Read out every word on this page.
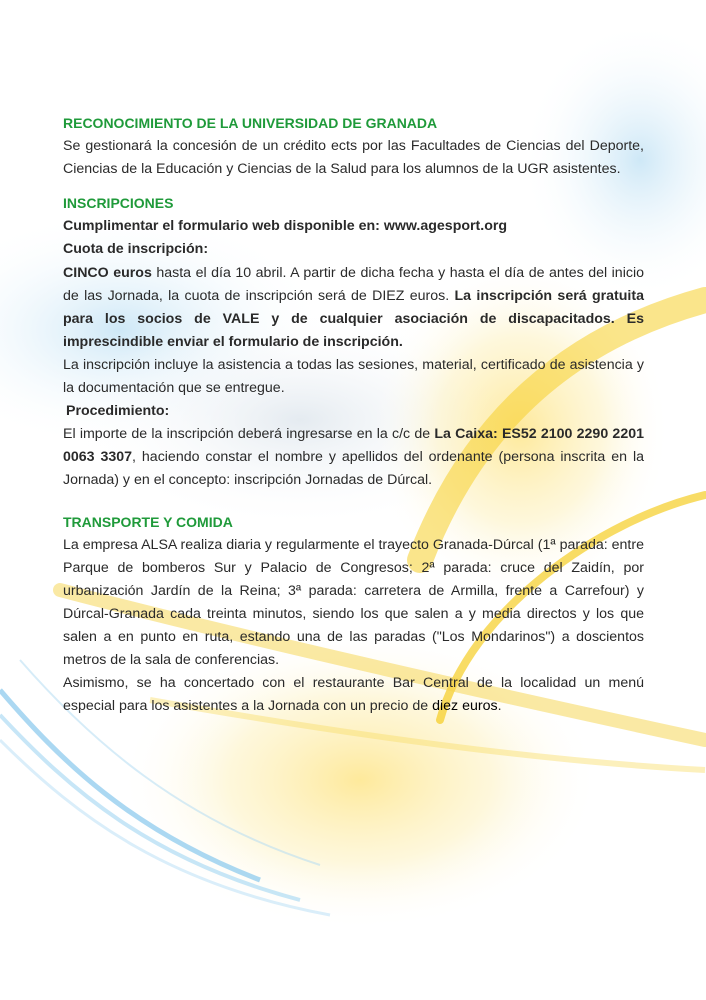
RECONOCIMIENTO DE LA UNIVERSIDAD DE GRANADA
Se gestionará la concesión de un crédito ects por las Facultades de Ciencias del Deporte, Ciencias de la Educación y Ciencias de la Salud para los alumnos de la UGR asistentes.
INSCRIPCIONES
Cumplimentar el formulario web disponible en: www.agesport.org
Cuota de inscripción:
CINCO euros hasta el día 10 abril. A partir de dicha fecha y hasta el día de antes del inicio de las Jornada, la cuota de inscripción será de DIEZ euros. La inscripción será gratuita para los socios de VALE y de cualquier asociación de discapacitados. Es imprescindible enviar el formulario de inscripción.
La inscripción incluye la asistencia a todas las sesiones, material, certificado de asistencia y la documentación que se entregue.
Procedimiento:
El importe de la inscripción deberá ingresarse en la c/c de La Caixa: ES52 2100 2290 2201 0063 3307, haciendo constar el nombre y apellidos del ordenante (persona inscrita en la Jornada) y en el concepto: inscripción Jornadas de Dúrcal.
TRANSPORTE Y COMIDA
La empresa ALSA realiza diaria y regularmente el trayecto Granada-Dúrcal (1ª parada: entre Parque de bomberos Sur y Palacio de Congresos; 2ª parada: cruce del Zaidín, por urbanización Jardín de la Reina; 3ª parada: carretera de Armilla, frente a Carrefour) y Dúrcal-Granada cada treinta minutos, siendo los que salen a y media directos y los que salen a en punto en ruta, estando una de las paradas ("Los Mondarinos") a doscientos metros de la sala de conferencias.
Asimismo, se ha concertado con el restaurante Bar Central de la localidad un menú especial para los asistentes a la Jornada con un precio de diez euros.
